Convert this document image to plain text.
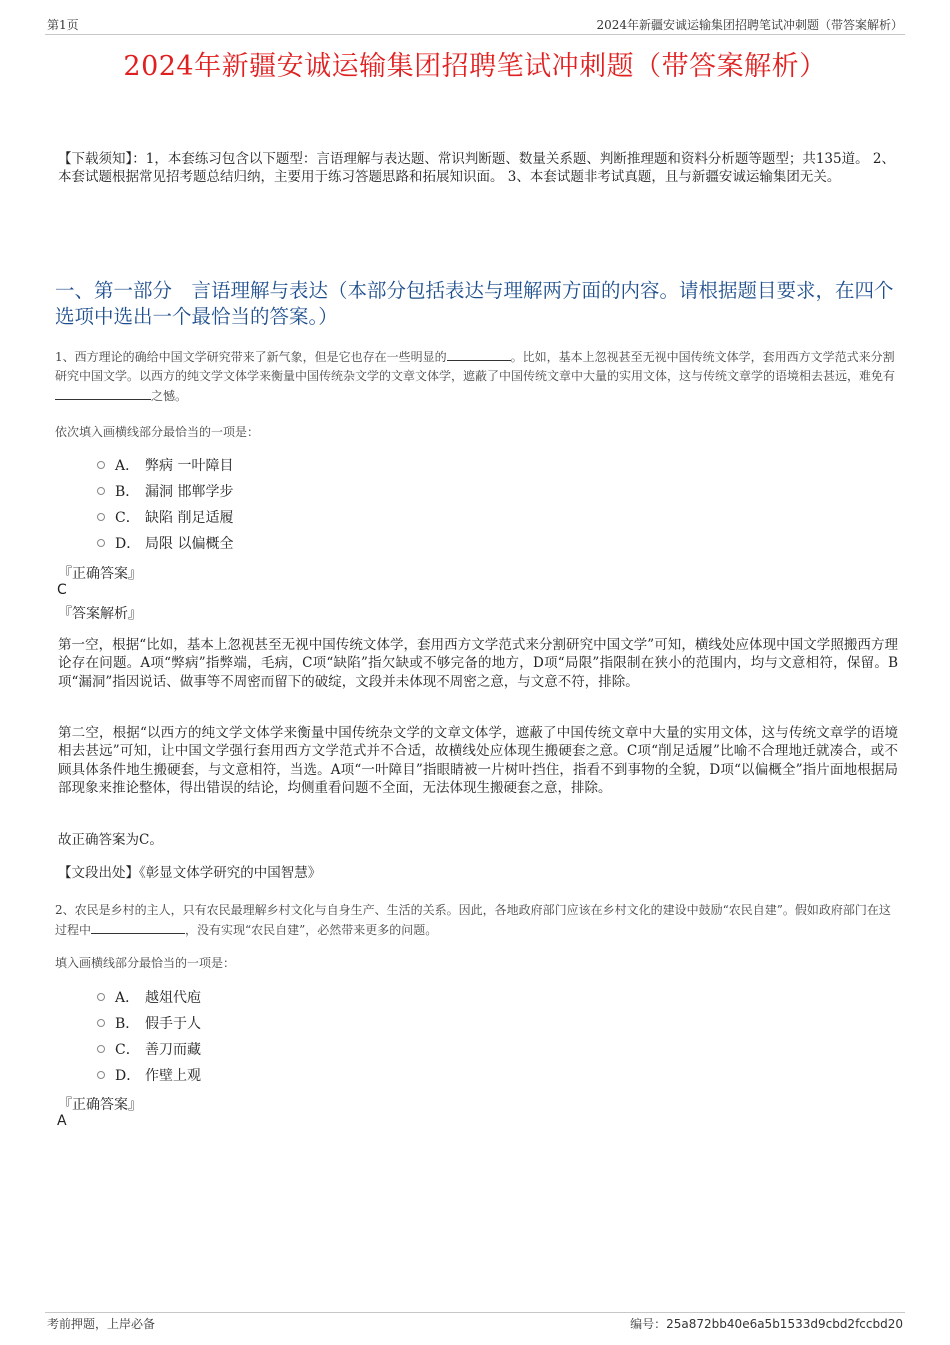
第1页	2024年新疆安诚运输集团招聘笔试冲刺题（带答案解析）
2024年新疆安诚运输集团招聘笔试冲刺题（带答案解析）
【下载须知】：1，本套练习包含以下题型：言语理解与表达题、常识判断题、数量关系题、判断推理题和资料分析题等题型；共135道。 2、本套试题根据常见招考题总结归纳，主要用于练习答题思路和拓展知识面。 3、本套试题非考试真题，且与新疆安诚运输集团无关。
一、第一部分　言语理解与表达（本部分包括表达与理解两方面的内容。请根据题目要求，在四个选项中选出一个最恰当的答案。）
1、西方理论的确给中国文学研究带来了新气象，但是它也存在一些明显的	。比如，基本上忽视甚至无视中国传统文体学，套用西方文学范式来分割研究中国文学。以西方的纯文学文体学来衡量中国传统杂文学的文章文体学，遮蔽了中国传统文章中大量的实用文体，这与传统文章学的语境相去甚远，难免有之憾。
依次填入画横线部分最恰当的一项是：
A． 弊病 一叶障目
B． 漏洞 邯郸学步
C． 缺陷 削足适履
D． 局限 以偏概全
『正确答案』
C
『答案解析』
第一空，根据“比如，基本上忽视甚至无视中国传统文体学，套用西方文学范式来分割研究中国文学”可知，横线处应体现中国文学照搬西方理论存在问题。A项“弊病”指弊端，毛病，C项“缺陷”指欠缺或不够完备的地方，D项“局限”指限制在狭小的范围内，均与文意相符，保留。B项“漏洞”指因说话、做事等不周密而留下的破绽，文段并未体现不周密之意，与文意不符，排除。
第二空，根据“以西方的纯文学文体学来衡量中国传统杂文学的文章文体学，遮蔽了中国传统文章中大量的实用文体，这与传统文章学的语境相去甚远”可知，让中国文学强行套用西方文学范式并不合适，故横线处应体现生搬硬套之意。C项“削足适履”比喻不合理地迁就凑合，或不顾具体条件地生搬硬套，与文意相符，当选。A项“一叶障目”指眼睛被一片树叶挡住，指看不到事物的全貌，D项“以偏概全”指片面地根据局部现象来推论整体，得出错误的结论，均侧重看问题不全面，无法体现生搬硬套之意，排除。
故正确答案为C。
【文段出处】《彰显文体学研究的中国智慧》
2、农民是乡村的主人，只有农民最理解乡村文化与自身生产、生活的关系。因此，各地政府部门应该在乡村文化的建设中鼓励“农民自建”。假如政府部门在这过程中	，没有实现“农民自建”，必然带来更多的问题。
填入画横线部分最恰当的一项是：
A． 越俎代庖
B． 假手于人
C． 善刀而藏
D． 作壁上观
『正确答案』
A
考前押题，上岸必备	编号：25a872bb40e6a5b1533d9cbd2fccbd20
